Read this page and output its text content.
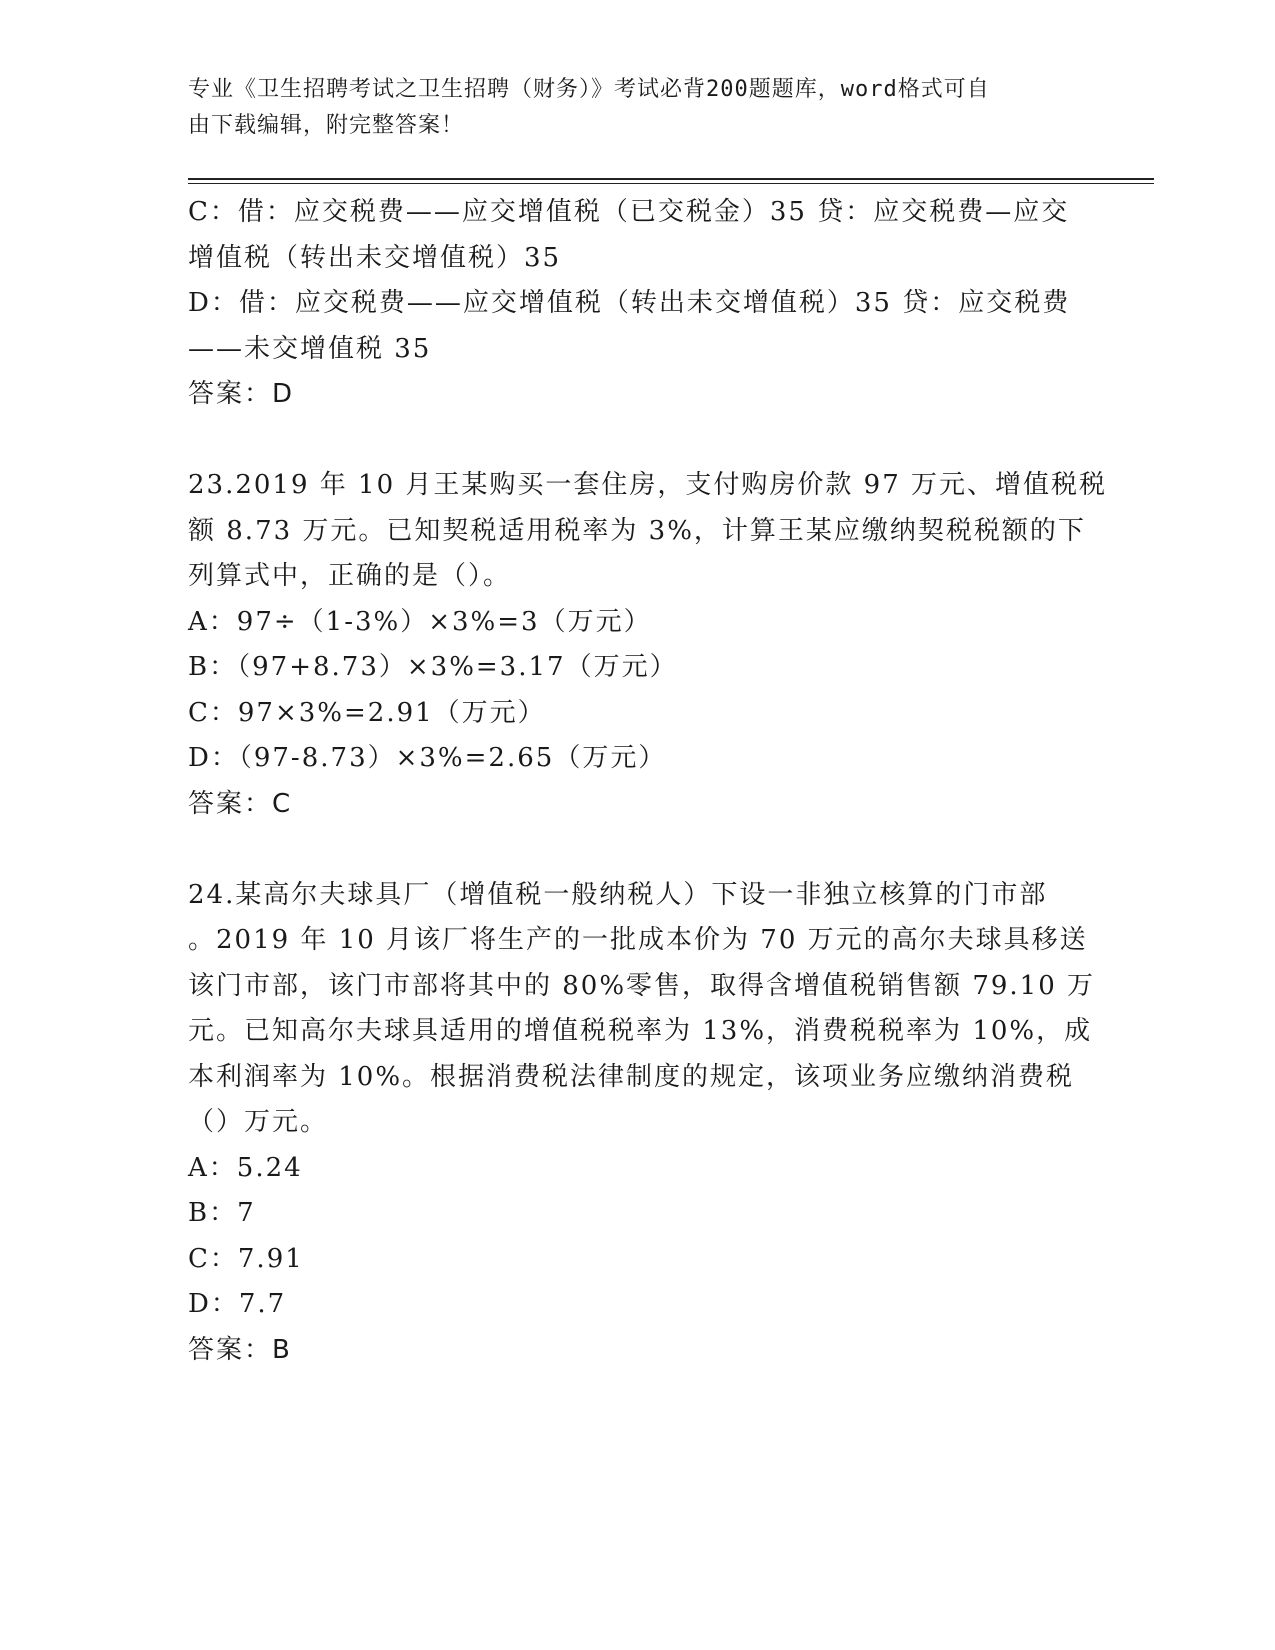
专业《卫生招聘考试之卫生招聘（财务）》考试必背200题题库，word格式可自
由下载编辑，附完整答案！
C：借：应交税费——应交增值税（已交税金）35 贷：应交税费—应交
增值税（转出未交增值税）35
D：借：应交税费——应交增值税（转出未交增值税）35 贷：应交税费
——未交增值税 35
答案：D
23.2019 年 10 月王某购买一套住房，支付购房价款 97 万元、增值税税
额 8.73 万元。已知契税适用税率为 3%，计算王某应缴纳契税税额的下
列算式中，正确的是（）。
A：97÷（1-3%）×3%=3（万元）
B：（97+8.73）×3%=3.17（万元）
C：97×3%=2.91（万元）
D：（97-8.73）×3%=2.65（万元）
答案：C
24.某高尔夫球具厂（增值税一般纳税人）下设一非独立核算的门市部
。2019 年 10 月该厂将生产的一批成本价为 70 万元的高尔夫球具移送
该门市部，该门市部将其中的 80%零售，取得含增值税销售额 79.10 万
元。已知高尔夫球具适用的增值税税率为 13%，消费税税率为 10%，成
本利润率为 10%。根据消费税法律制度的规定，该项业务应缴纳消费税
（）万元。
A：5.24
B：7
C：7.91
D：7.7
答案：B
